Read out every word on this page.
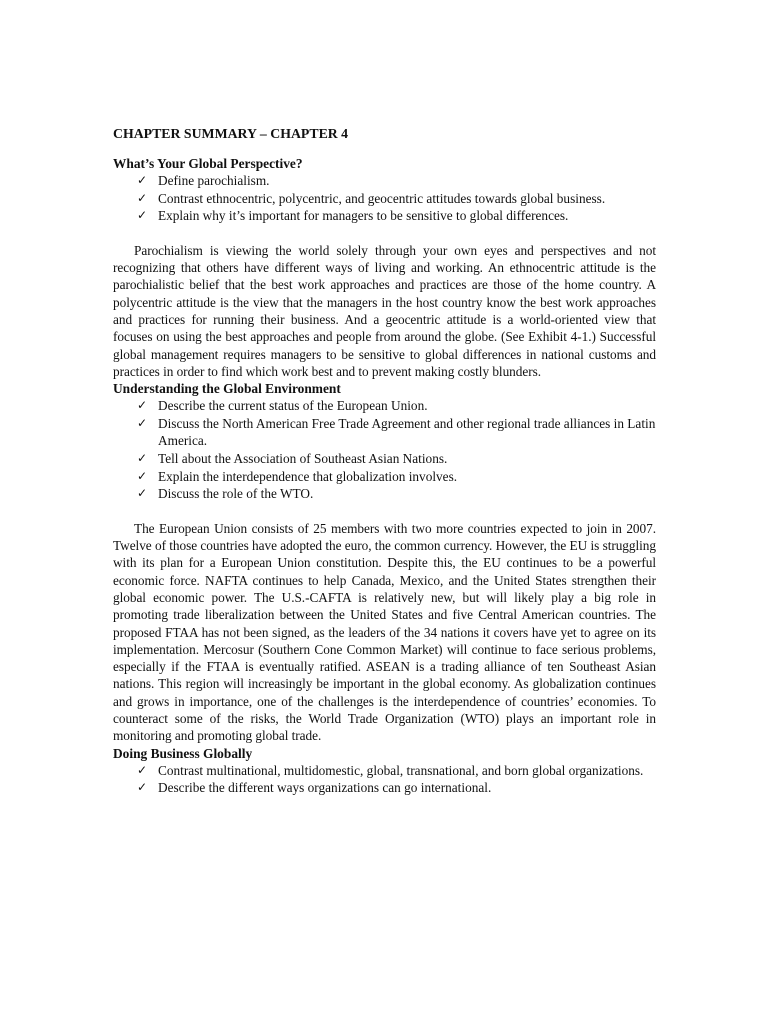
CHAPTER SUMMARY – CHAPTER 4
What’s Your Global Perspective?
✓ Define parochialism.
✓ Contrast ethnocentric, polycentric, and geocentric attitudes towards global business.
✓ Explain why it’s important for managers to be sensitive to global differences.

Parochialism is viewing the world solely through your own eyes and perspectives and not recognizing that others have different ways of living and working. An ethnocentric attitude is the parochialistic belief that the best work approaches and practices are those of the home country. A polycentric attitude is the view that the managers in the host country know the best work approaches and practices for running their business. And a geocentric attitude is a world-oriented view that focuses on using the best approaches and people from around the globe. (See Exhibit 4-1.) Successful global management requires managers to be sensitive to global differences in national customs and practices in order to find which work best and to prevent making costly blunders.

Understanding the Global Environment
✓ Describe the current status of the European Union.
✓ Discuss the North American Free Trade Agreement and other regional trade alliances in Latin America.
✓ Tell about the Association of Southeast Asian Nations.
✓ Explain the interdependence that globalization involves.
✓ Discuss the role of the WTO.

The European Union consists of 25 members with two more countries expected to join in 2007. Twelve of those countries have adopted the euro, the common currency. However, the EU is struggling with its plan for a European Union constitution. Despite this, the EU continues to be a powerful economic force. NAFTA continues to help Canada, Mexico, and the United States strengthen their global economic power. The U.S.-CAFTA is relatively new, but will likely play a big role in promoting trade liberalization between the United States and five Central American countries. The proposed FTAA has not been signed, as the leaders of the 34 nations it covers have yet to agree on its implementation. Mercosur (Southern Cone Common Market) will continue to face serious problems, especially if the FTAA is eventually ratified. ASEAN is a trading alliance of ten Southeast Asian nations. This region will increasingly be important in the global economy. As globalization continues and grows in importance, one of the challenges is the interdependence of countries’ economies. To counteract some of the risks, the World Trade Organization (WTO) plays an important role in monitoring and promoting global trade.

Doing Business Globally
✓ Contrast multinational, multidomestic, global, transnational, and born global organizations.
✓ Describe the different ways organizations can go international.
